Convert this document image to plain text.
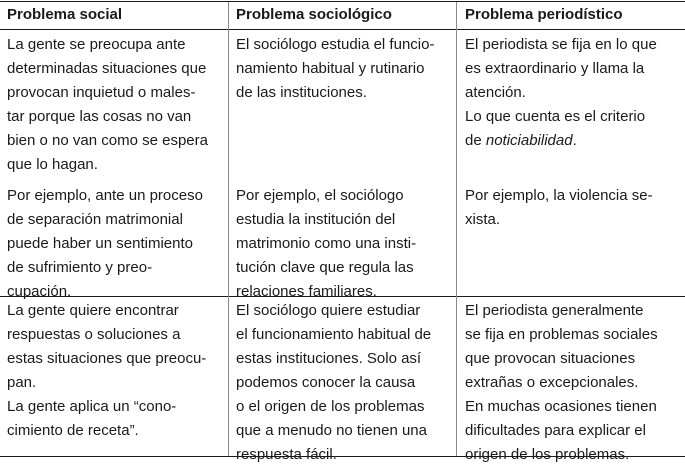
Problema social	Problema sociológico	Problema periodístico
La gente se preocupa ante
determinadas situaciones que
provocan inquietud o males-
tar porque las cosas no van
bien o no van como se espera
que lo hagan.
El sociólogo estudia el funcio-
namiento habitual y rutinario
de las instituciones.
El periodista se fija en lo que
es extraordinario y llama la
atención.
Lo que cuenta es el criterio
de noticiabilidad.
Por ejemplo, ante un proceso
de separación matrimonial
puede haber un sentimiento
de sufrimiento y preo-
cupación.
Por ejemplo, el sociólogo
estudia la institución del
matrimonio como una insti-
tución clave que regula las
relaciones familiares.
Por ejemplo, la violencia se-
xista.
La gente quiere encontrar
respuestas o soluciones a
estas situaciones que preocu-
pan.
La gente aplica un “cono-
cimiento de receta”.
El sociólogo quiere estudiar
el funcionamiento habitual de
estas instituciones. Solo así
podemos conocer la causa
o el origen de los problemas
que a menudo no tienen una
respuesta fácil.
El periodista generalmente
se fija en problemas sociales
que provocan situaciones
extrañas o excepcionales.
En muchas ocasiones tienen
dificultades para explicar el
origen de los problemas.
